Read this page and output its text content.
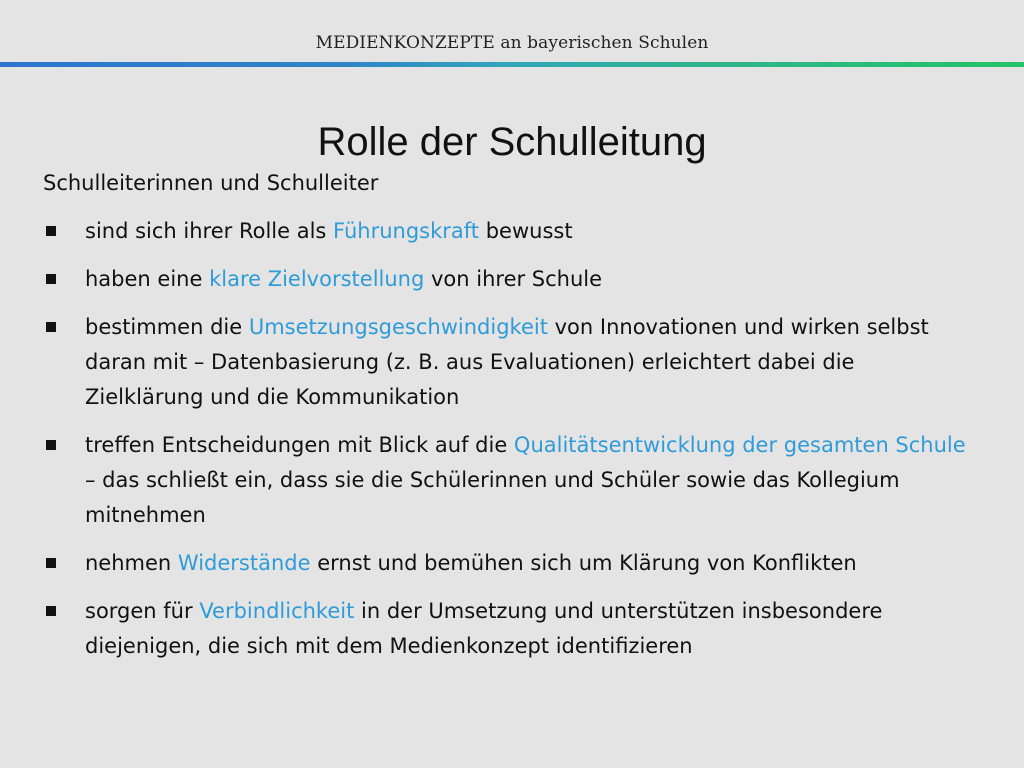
MEDIENKONZEPTE an bayerischen Schulen
Rolle der Schulleitung

Schulleiterinnen und Schulleiter

sind sich ihrer Rolle als Führungskraft bewusst
haben eine klare Zielvorstellung von ihrer Schule
bestimmen die Umsetzungsgeschwindigkeit von Innovationen und wirken selbst daran mit – Datenbasierung (z. B. aus Evaluationen) erleichtert dabei die Zielklärung und die Kommunikation
treffen Entscheidungen mit Blick auf die Qualitätsentwicklung der gesamten Schule – das schließt ein, dass sie die Schülerinnen und Schüler sowie das Kollegium mitnehmen
nehmen Widerstände ernst und bemühen sich um Klärung von Konflikten
sorgen für Verbindlichkeit in der Umsetzung und unterstützen insbesondere diejenigen, die sich mit dem Medienkonzept identifizieren
